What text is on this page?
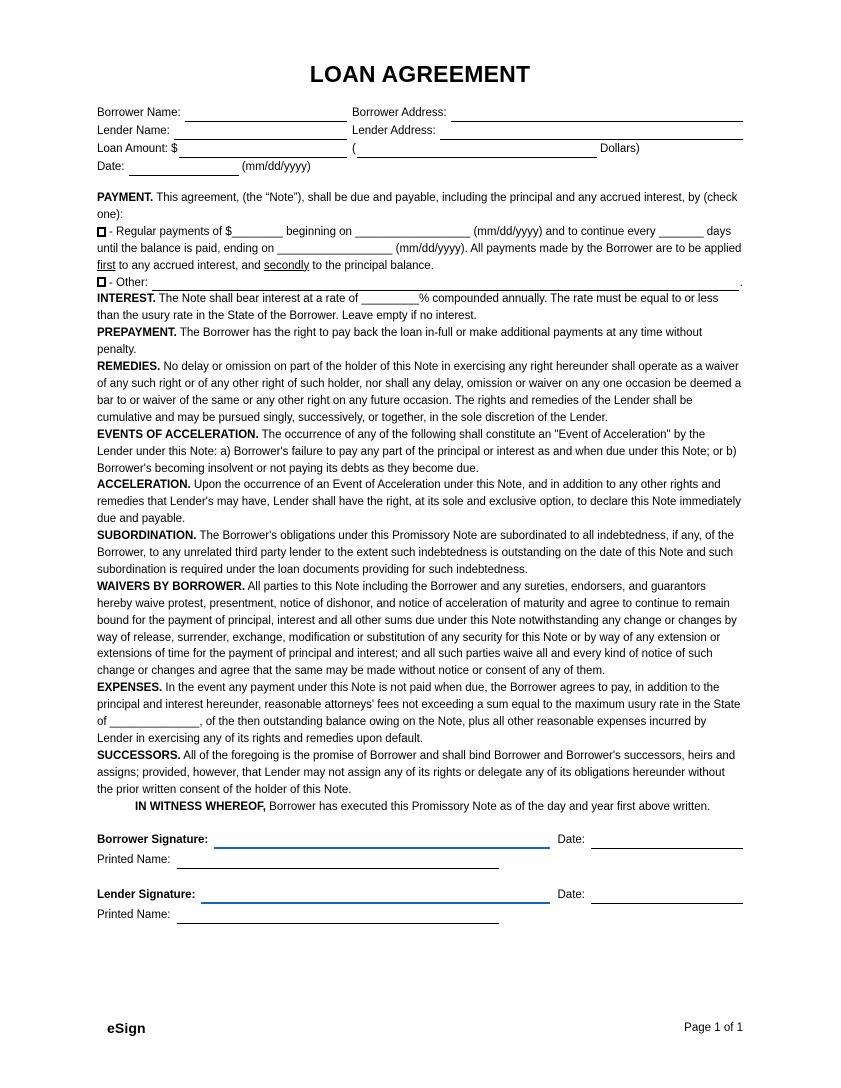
LOAN AGREEMENT
Borrower Name:	Borrower Address:
Lender Name:	Lender Address:
Loan Amount: $	(	Dollars)
Date:	(mm/dd/yyyy)

PAYMENT. This agreement, (the “Note”), shall be due and payable, including the principal and any accrued interest, by (check one):

- Regular payments of $________ beginning on __________________ (mm/dd/yyyy) and to continue every _______ days until the balance is paid, ending on __________________ (mm/dd/yyyy). All payments made by the Borrower are to be applied first to any accrued interest, and secondly to the principal balance.

- Other:	.

INTEREST. The Note shall bear interest at a rate of _________% compounded annually. The rate must be equal to or less than the usury rate in the State of the Borrower. Leave empty if no interest.

PREPAYMENT. The Borrower has the right to pay back the loan in-full or make additional payments at any time without penalty.

REMEDIES. No delay or omission on part of the holder of this Note in exercising any right hereunder shall operate as a waiver of any such right or of any other right of such holder, nor shall any delay, omission or waiver on any one occasion be deemed a bar to or waiver of the same or any other right on any future occasion. The rights and remedies of the Lender shall be cumulative and may be pursued singly, successively, or together, in the sole discretion of the Lender.

EVENTS OF ACCELERATION. The occurrence of any of the following shall constitute an "Event of Acceleration" by the Lender under this Note: a) Borrower's failure to pay any part of the principal or interest as and when due under this Note; or b) Borrower's becoming insolvent or not paying its debts as they become due.

ACCELERATION. Upon the occurrence of an Event of Acceleration under this Note, and in addition to any other rights and remedies that Lender's may have, Lender shall have the right, at its sole and exclusive option, to declare this Note immediately due and payable.

SUBORDINATION. The Borrower's obligations under this Promissory Note are subordinated to all indebtedness, if any, of the Borrower, to any unrelated third party lender to the extent such indebtedness is outstanding on the date of this Note and such subordination is required under the loan documents providing for such indebtedness.

WAIVERS BY BORROWER. All parties to this Note including the Borrower and any sureties, endorsers, and guarantors hereby waive protest, presentment, notice of dishonor, and notice of acceleration of maturity and agree to continue to remain bound for the payment of principal, interest and all other sums due under this Note notwithstanding any change or changes by way of release, surrender, exchange, modification or substitution of any security for this Note or by way of any extension or extensions of time for the payment of principal and interest; and all such parties waive all and every kind of notice of such change or changes and agree that the same may be made without notice or consent of any of them.

EXPENSES. In the event any payment under this Note is not paid when due, the Borrower agrees to pay, in addition to the principal and interest hereunder, reasonable attorneys' fees not exceeding a sum equal to the maximum usury rate in the State of ______________, of the then outstanding balance owing on the Note, plus all other reasonable expenses incurred by Lender in exercising any of its rights and remedies upon default.

SUCCESSORS. All of the foregoing is the promise of Borrower and shall bind Borrower and Borrower's successors, heirs and assigns; provided, however, that Lender may not assign any of its rights or delegate any of its obligations hereunder without the prior written consent of the holder of this Note.

IN WITNESS WHEREOF, Borrower has executed this Promissory Note as of the day and year first above written.

Borrower Signature:	Date:
Printed Name:
Lender Signature:	Date:
Printed Name:
eSign	Page 1 of 1
